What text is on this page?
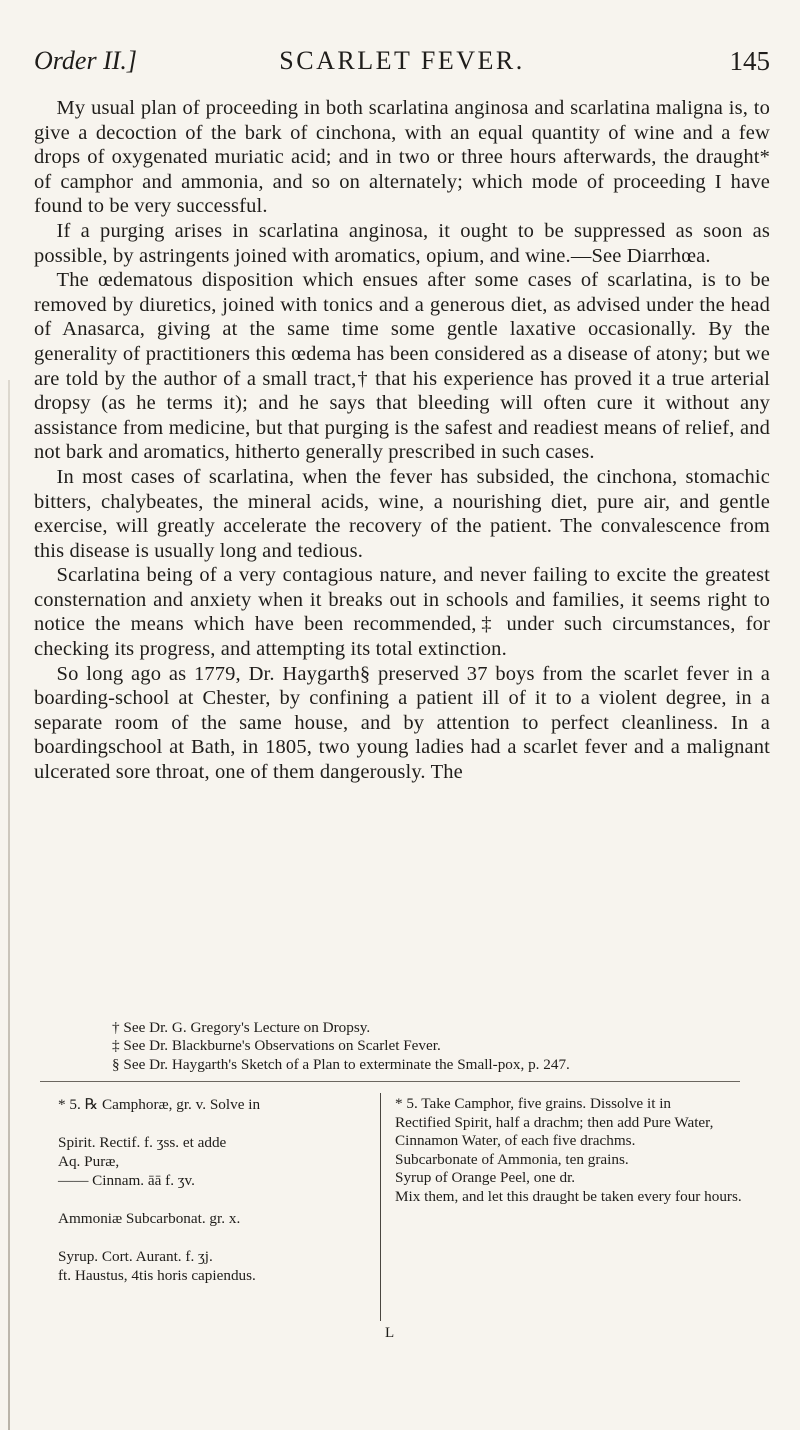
Order II.]	SCARLET FEVER.	145

My usual plan of proceeding in both scarlatina anginosa and scarlatina maligna is, to give a decoction of the bark of cinchona, with an equal quantity of wine and a few drops of oxygenated muriatic acid; and in two or three hours afterwards, the draught* of camphor and ammonia, and so on alternately; which mode of proceeding I have found to be very successful.

If a purging arises in scarlatina anginosa, it ought to be suppressed as soon as possible, by astringents joined with aromatics, opium, and wine.—See Diarrhœa.

The œdematous disposition which ensues after some cases of scarlatina, is to be removed by diuretics, joined with tonics and a generous diet, as advised under the head of Anasarca, giving at the same time some gentle laxative occasionally. By the generality of practitioners this œdema has been considered as a disease of atony; but we are told by the author of a small tract,† that his experience has proved it a true arterial dropsy (as he terms it); and he says that bleeding will often cure it without any assistance from medicine, but that purging is the safest and readiest means of relief, and not bark and aromatics, hitherto generally prescribed in such cases.

In most cases of scarlatina, when the fever has subsided, the cinchona, stomachic bitters, chalybeates, the mineral acids, wine, a nourishing diet, pure air, and gentle exercise, will greatly accelerate the recovery of the patient. The convalescence from this disease is usually long and tedious.

Scarlatina being of a very contagious nature, and never failing to excite the greatest consternation and anxiety when it breaks out in schools and families, it seems right to notice the means which have been recommended,‡ under such circumstances, for checking its progress, and attempting its total extinction.

So long ago as 1779, Dr. Haygarth§ preserved 37 boys from the scarlet fever in a boarding-school at Chester, by confining a patient ill of it to a violent degree, in a separate room of the same house, and by attention to perfect cleanliness. In a boardingschool at Bath, in 1805, two young ladies had a scarlet fever and a malignant ulcerated sore throat, one of them dangerously. The

† See Dr. G. Gregory's Lecture on Dropsy.
‡ See Dr. Blackburne's Observations on Scarlet Fever.
§ See Dr. Haygarth's Sketch of a Plan to exterminate the Small-pox, p. 247.
* 5. ℞ Camphoræ, gr. v. Solve in
Spirit. Rectif. f. ʒss. et adde
Aq. Puræ,
—— Cinnam. āā f. ʒv.
Ammoniæ Subcarbonat. gr. x.
Syrup. Cort. Aurant. f. ʒj.
ft. Haustus, 4tis horis capiendus.
* 5. Take Camphor, five grains. Dissolve it in
Rectified Spirit, half a drachm; then add Pure Water,
Cinnamon Water, of each five drachms.
Subcarbonate of Ammonia, ten grains.
Syrup of Orange Peel, one dr.
Mix them, and let this draught be taken every four hours.
L
